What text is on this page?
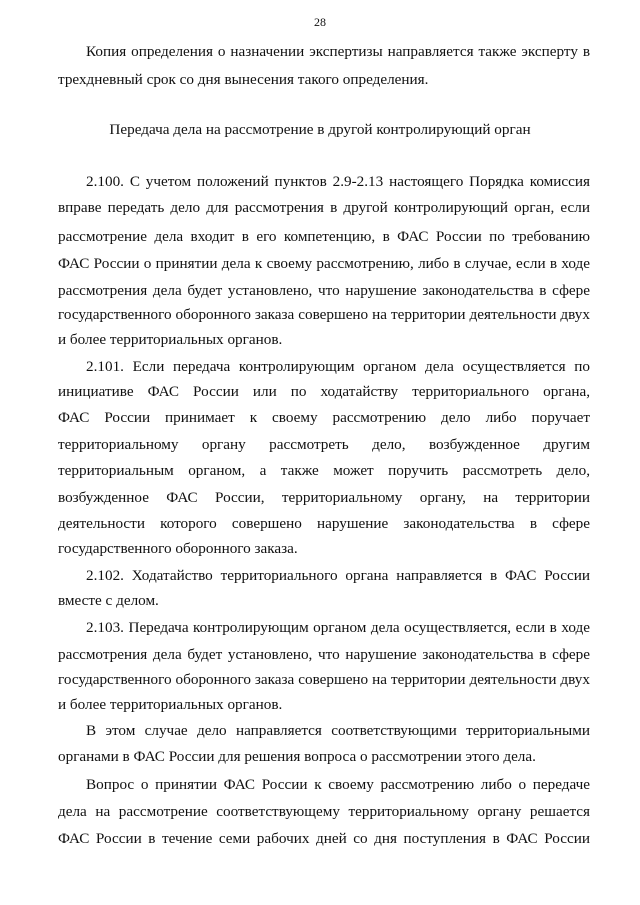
28
Копия определения о назначении экспертизы направляется также эксперту в
трехдневный срок со дня вынесения такого определения.
Передача дела на рассмотрение в другой контролирующий орган
2.100. С учетом положений пунктов 2.9-2.13 настоящего Порядка комиссия
вправе передать дело для рассмотрения в другой контролирующий орган, если
рассмотрение дела входит в его компетенцию, в ФАС России по требованию
ФАС России о принятии дела к своему рассмотрению, либо в случае, если в ходе
рассмотрения дела будет установлено, что нарушение законодательства в сфере
государственного оборонного заказа совершено на территории деятельности двух
и более территориальных органов.
2.101. Если передача контролирующим органом дела осуществляется по
инициативе ФАС России или по ходатайству территориального органа,
ФАС России принимает к своему рассмотрению дело либо поручает
территориальному органу рассмотреть дело, возбужденное другим
территориальным органом, а также может поручить рассмотреть дело,
возбужденное ФАС России, территориальному органу, на территории
деятельности которого совершено нарушение законодательства в сфере
государственного оборонного заказа.
2.102. Ходатайство территориального органа направляется в ФАС России
вместе с делом.
2.103. Передача контролирующим органом дела осуществляется, если в ходе
рассмотрения дела будет установлено, что нарушение законодательства в сфере
государственного оборонного заказа совершено на территории деятельности двух
и более территориальных органов.
В этом случае дело направляется соответствующими территориальными
органами в ФАС России для решения вопроса о рассмотрении этого дела.
Вопрос о принятии ФАС России к своему рассмотрению либо о передаче
дела на рассмотрение соответствующему территориальному органу решается
ФАС России в течение семи рабочих дней со дня поступления в ФАС России
